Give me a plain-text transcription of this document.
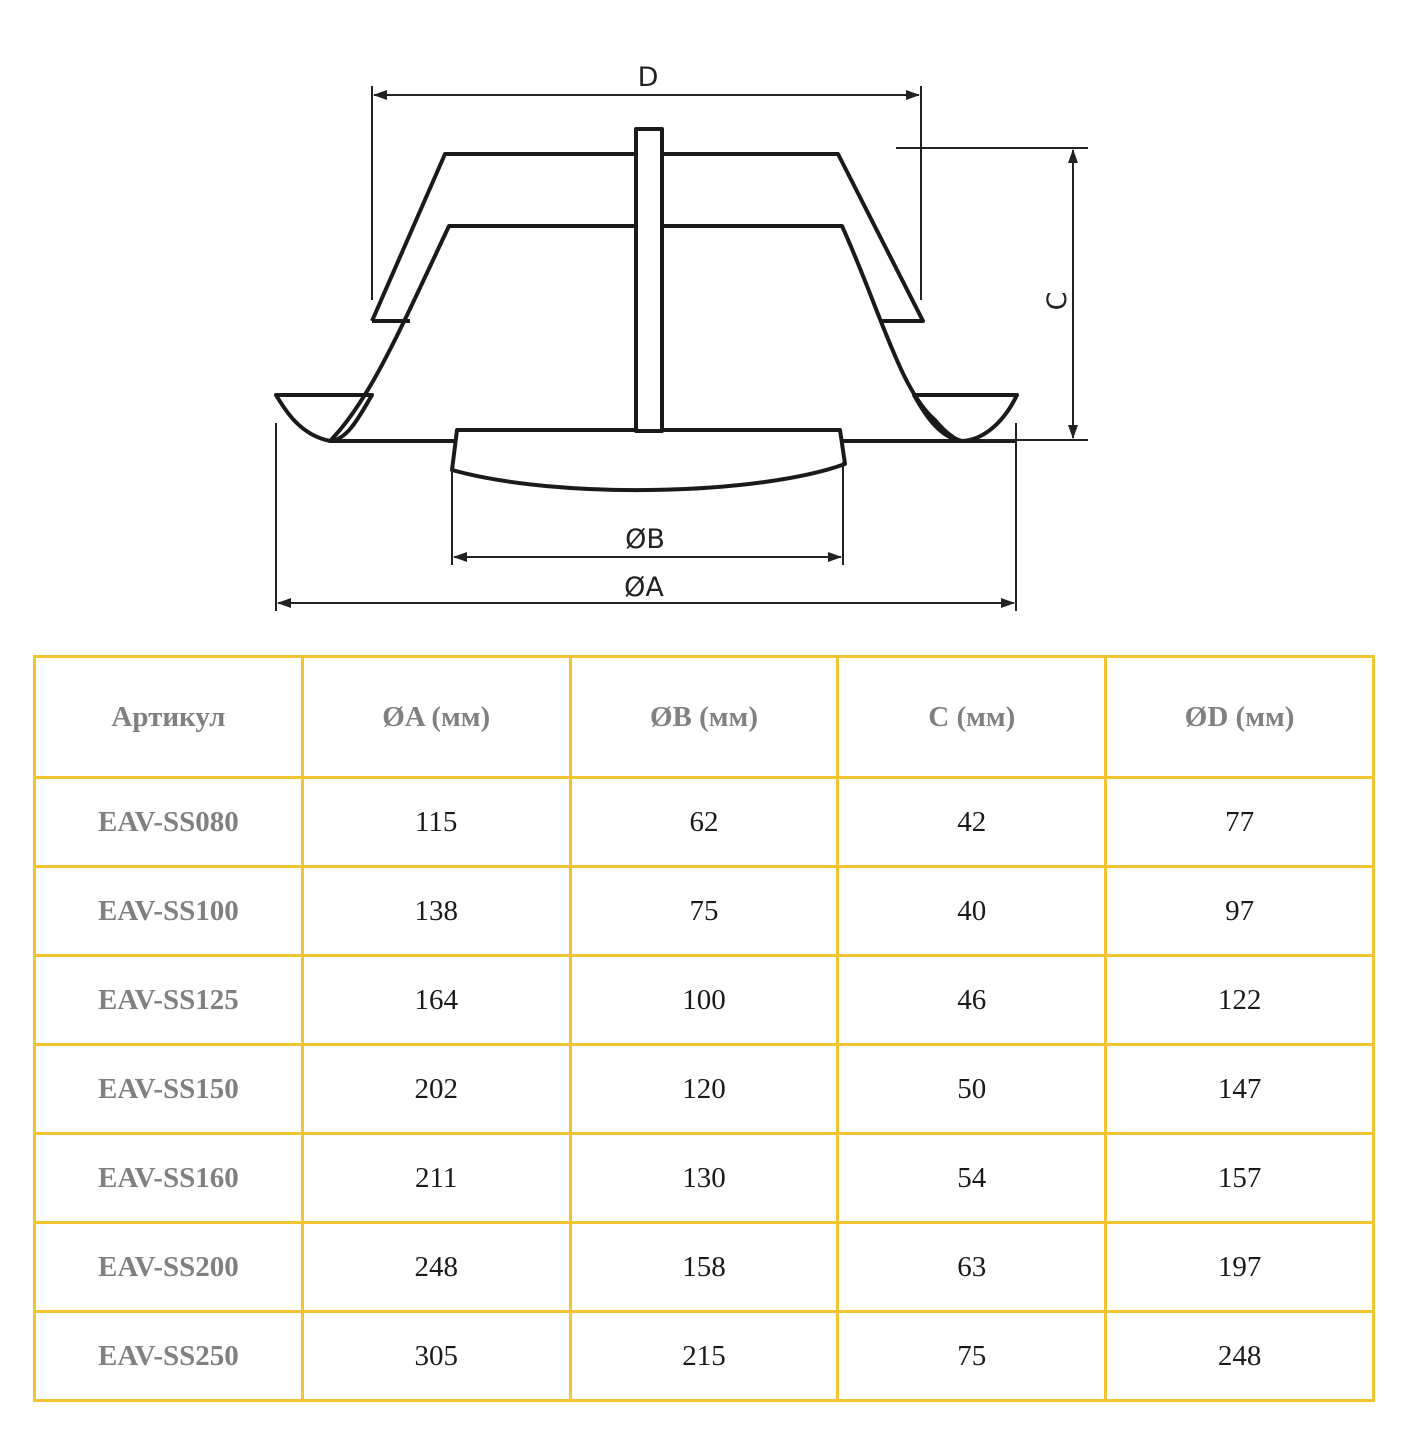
D
C
ØB
ØA
Артикул	ØA (мм)	ØB (мм)	C (мм)	ØD (мм)
EAV-SS080	115	62	42	77
EAV-SS100	138	75	40	97
EAV-SS125	164	100	46	122
EAV-SS150	202	120	50	147
EAV-SS160	211	130	54	157
EAV-SS200	248	158	63	197
EAV-SS250	305	215	75	248
